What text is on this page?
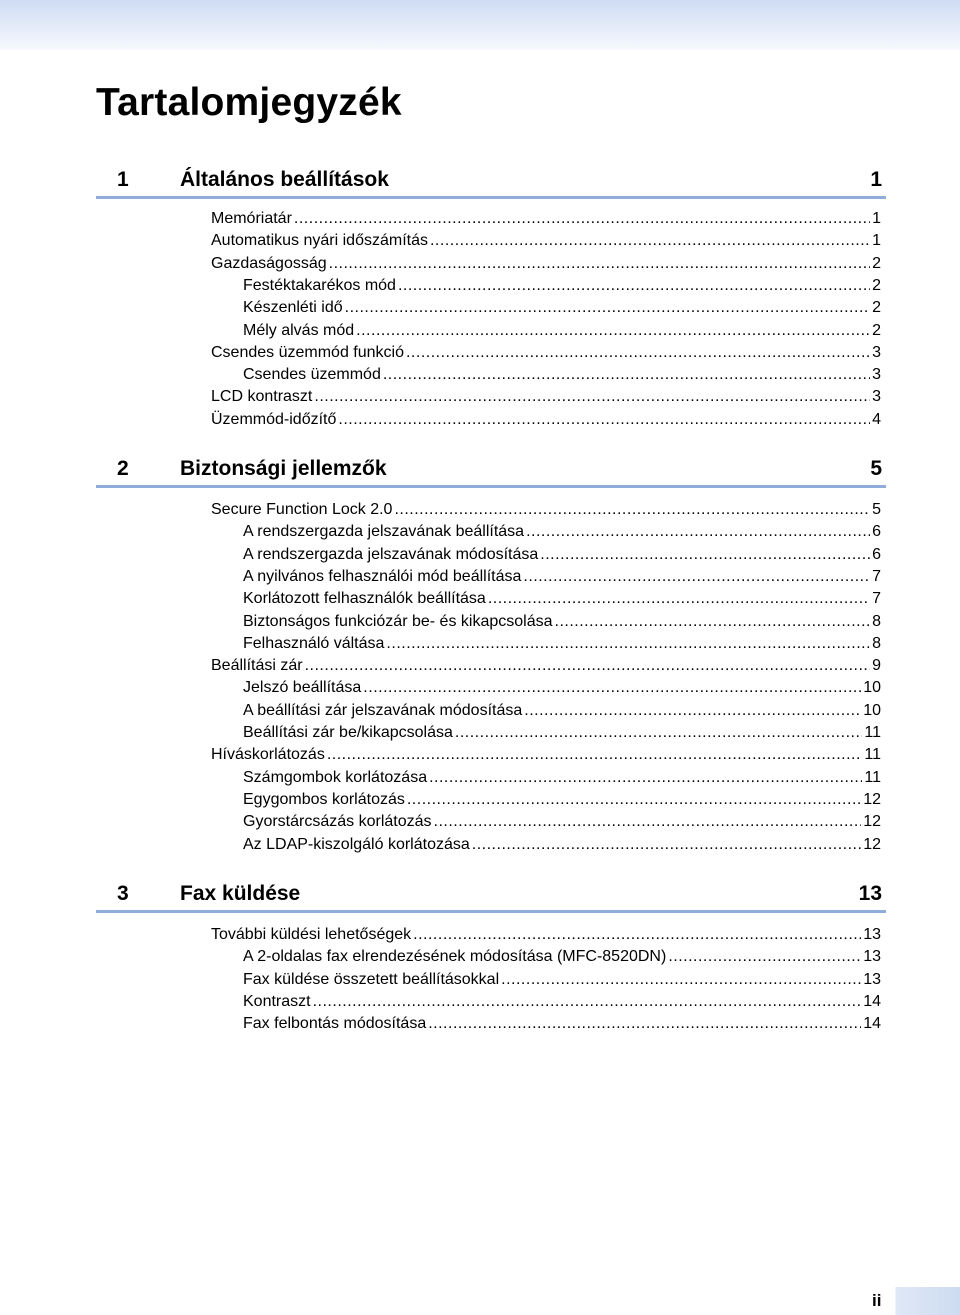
Tartalomjegyzék
1 Általános beállítások	1
Memóriatár .....	1
Automatikus nyári időszámítás .....	1
Gazdaságosság .....	2
Festéktakarékos mód .....	2
Készenléti idő .....	2
Mély alvás mód .....	2
Csendes üzemmód funkció .....	3
Csendes üzemmód .....	3
LCD kontraszt .....	3
Üzemmód-időzítő .....	4
2 Biztonsági jellemzők	5
Secure Function Lock 2.0 .....	5
A rendszergazda jelszavának beállítása .....	6
A rendszergazda jelszavának módosítása .....	6
A nyilvános felhasználói mód beállítása .....	7
Korlátozott felhasználók beállítása .....	7
Biztonságos funkciózár be- és kikapcsolása .....	8
Felhasználó váltása .....	8
Beállítási zár .....	9
Jelszó beállítása .....	10
A beállítási zár jelszavának módosítása .....	10
Beállítási zár be/kikapcsolása .....	11
Híváskorlátozás .....	11
Számgombok korlátozása .....	11
Egygombos korlátozás .....	12
Gyorstárcsázás korlátozás .....	12
Az LDAP-kiszolgáló korlátozása .....	12
3 Fax küldése	13
További küldési lehetőségek .....	13
A 2-oldalas fax elrendezésének módosítása (MFC-8520DN) .....	13
Fax küldése összetett beállításokkal .....	13
Kontraszt .....	14
Fax felbontás módosítása .....	14
ii
